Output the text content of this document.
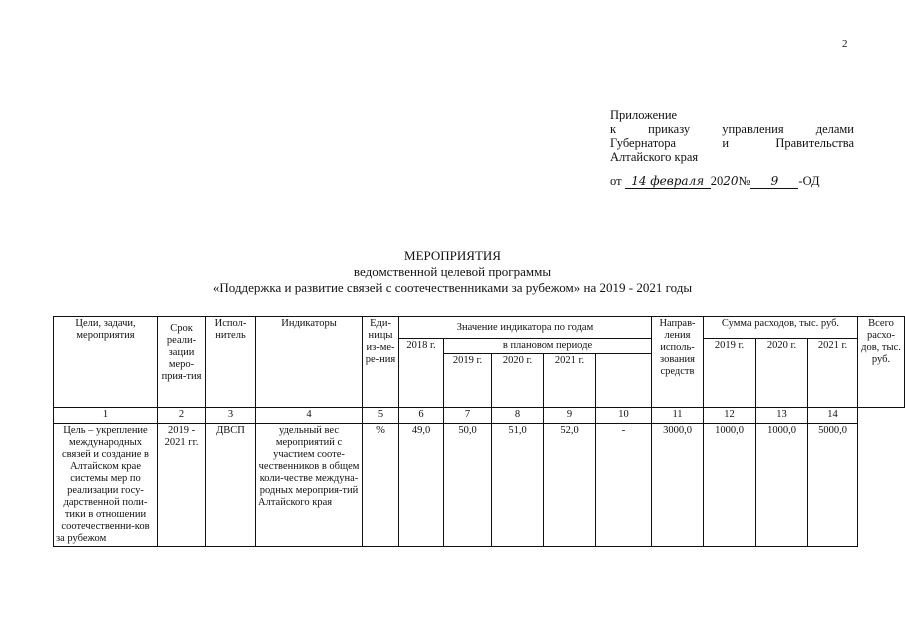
2
Приложение
к	приказу	управления	делами
Губернатора	и	Правительства
Алтайского края
от
14 февраля 20 20 №	9	-ОД
МЕРОПРИЯТИЯ
ведомственной целевой программы
«Поддержка и развитие связей с соотечественниками за рубежом» на 2019 - 2021 годы
Цели, задачи, мероприятия	Срок реали-зации меро-прия-тия	Испол-нитель	Индикаторы	Еди-ницы из-ме-ре-ния	Значение индикатора по годам					Направ-ления исполь-зования средств	Сумма расходов, тыс. руб.			Всего расхо-дов, тыс. руб.
					2018 г.	в плановом периоде					2019 г.	2020 г.	2021 г.	
						2019 г.	2020 г.	2021 г.						
1	2	3	4	5	6	7	8	9	10	11	12	13	14	
Цель – укрепление международных связей и создание в Алтайском крае системы мер по реализации госу-дарственной поли-тики в отношении соотечественни-ков за рубежом	2019 - 2021 гг.	ДВСП	удельный вес мероприятий с участием соотe-чественников в общем коли-честве междуна-родных мероприя-тий Алтайского края	%	49,0	50,0	51,0	52,0	-	3000,0	1000,0	1000,0	5000,0	
